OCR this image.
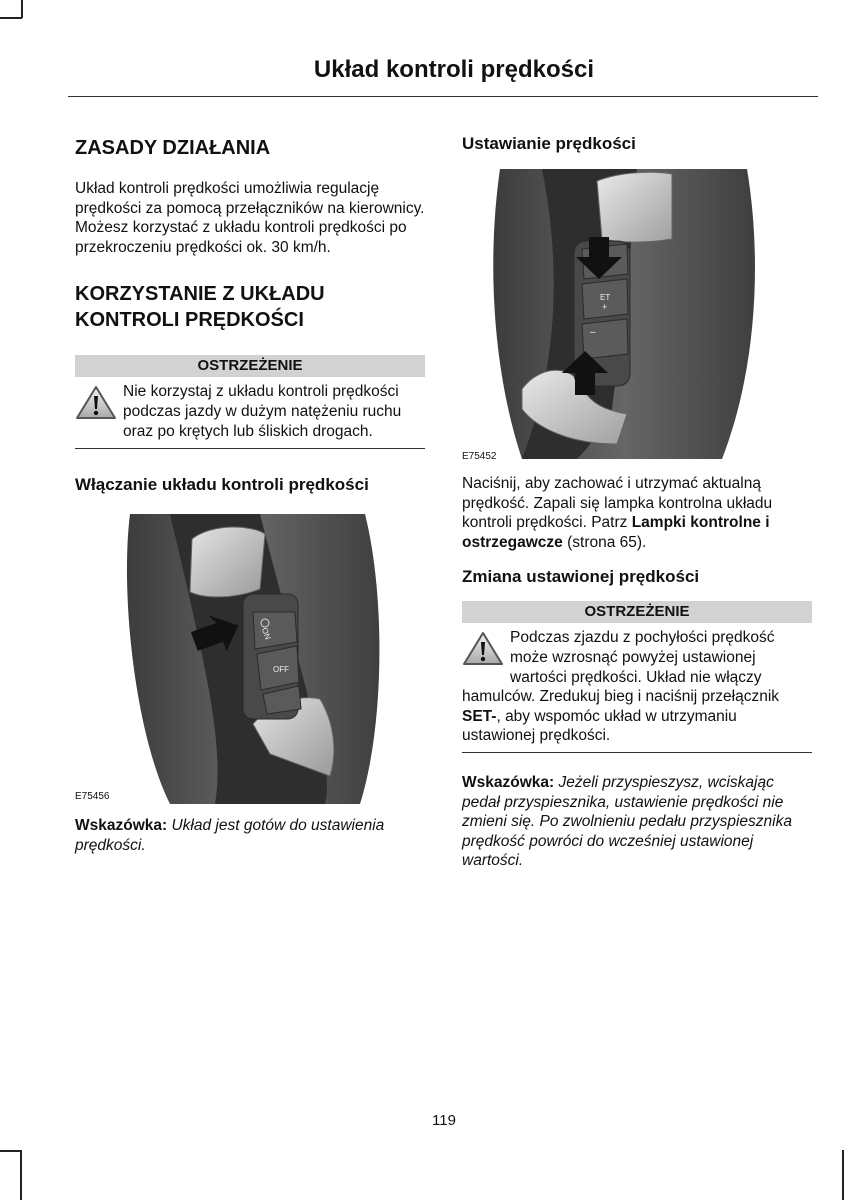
Układ kontroli prędkości
ZASADY DZIAŁANIA

Układ kontroli prędkości umożliwia regulację prędkości za pomocą przełączników na kierownicy. Możesz korzystać z układu kontroli prędkości po przekroczeniu prędkości ok. 30 km/h.

KORZYSTANIE Z UKŁADU
KONTROLI PRĘDKOŚCI
OSTRZEŻENIE
Nie korzystaj z układu kontroli prędkości podczas jazdy w dużym natężeniu ruchu oraz po krętych lub śliskich drogach.
Włączanie układu kontroli prędkości
ON
OFF
E75456

Wskazówka: Układ jest gotów do ustawienia prędkości.

Ustawianie prędkości
ET
+
–
E75452

Naciśnij, aby zachować i utrzymać aktualną prędkość. Zapali się lampka kontrolna układu kontroli prędkości. Patrz Lampki kontrolne i ostrzegawcze (strona 65).

Zmiana ustawionej prędkości
OSTRZEŻENIE
Podczas zjazdu z pochyłości prędkość
może wzrosnąć powyżej ustawionej
wartości prędkości. Układ nie włączy
hamulców. Zredukuj bieg i naciśnij przełącznik
SET-, aby wspomóc układ w utrzymaniu ustawionej prędkości.

Wskazówka: Jeżeli przyspieszysz, wciskając pedał przyspiesznika, ustawienie prędkości nie zmieni się. Po zwolnieniu pedału przyspiesznika prędkość powróci do wcześniej ustawionej wartości.

119
